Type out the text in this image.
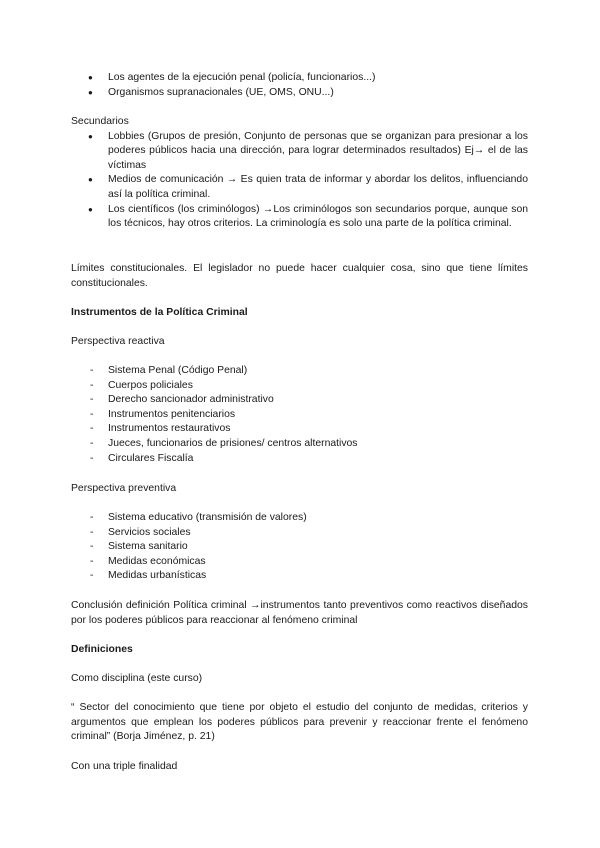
● Los agentes de la ejecución penal (policía, funcionarios...)
● Organismos supranacionales (UE, OMS, ONU...)

Secundarios

● Lobbies (Grupos de presión, Conjunto de personas que se organizan para presionar a los poderes públicos hacia una dirección, para lograr determinados resultados) Ej→ el de las víctimas
● Medios de comunicación → Es quien trata de informar y abordar los delitos, influenciando así la política criminal.
● Los científicos (los criminólogos) →Los criminólogos son secundarios porque, aunque son los técnicos, hay otros criterios. La criminología es solo una parte de la política criminal.

Límites constitucionales. El legislador no puede hacer cualquier cosa, sino que tiene límites constitucionales.

Instrumentos de la Política Criminal

Perspectiva reactiva

- Sistema Penal (Código Penal)
- Cuerpos policiales
- Derecho sancionador administrativo
- Instrumentos penitenciarios
- Instrumentos restaurativos
- Jueces, funcionarios de prisiones/ centros alternativos
- Circulares Fiscalía

Perspectiva preventiva

- Sistema educativo (transmisión de valores)
- Servicios sociales
- Sistema sanitario
- Medidas económicas
- Medidas urbanísticas

Conclusión definición Política criminal →instrumentos tanto preventivos como reactivos diseñados por los poderes públicos para reaccionar al fenómeno criminal

Definiciones

Como disciplina (este curso)

“ Sector del conocimiento que tiene por objeto el estudio del conjunto de medidas, criterios y argumentos que emplean los poderes públicos para prevenir y reaccionar frente el fenómeno criminal” (Borja Jiménez, p. 21)

Con una triple finalidad
